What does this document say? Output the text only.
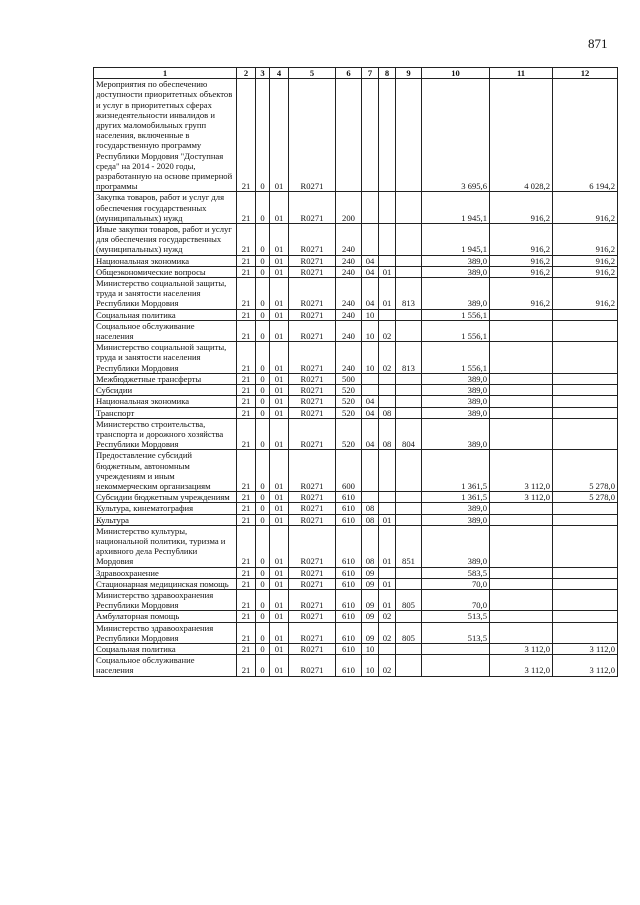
871
1	2	3	4	5	6	7	8	9	10	11	12
Мероприятия по обеспечению доступности приоритетных объектов и услуг в приоритетных сферах жизнедеятельности инвалидов и других маломобильных групп населения, включенные в государственную программу Республики Мордовия "Доступная среда" на 2014 - 2020 годы, разработанную на основе примерной программы	21	0	01	R0271					3 695,6	4 028,2	6 194,2
Закупка товаров, работ и услуг для обеспечения государственных (муниципальных) нужд	21	0	01	R0271	200				1 945,1	916,2	916,2
Иные закупки товаров, работ и услуг для обеспечения государственных (муниципальных) нужд	21	0	01	R0271	240				1 945,1	916,2	916,2
Национальная экономика	21	0	01	R0271	240	04			389,0	916,2	916,2
Общеэкономические вопросы	21	0	01	R0271	240	04	01		389,0	916,2	916,2
Министерство социальной защиты, труда и занятости населения Республики Мордовия	21	0	01	R0271	240	04	01	813	389,0	916,2	916,2
Социальная политика	21	0	01	R0271	240	10			1 556,1		
Социальное обслуживание населения	21	0	01	R0271	240	10	02		1 556,1		
Министерство социальной защиты, труда и занятости населения Республики Мордовия	21	0	01	R0271	240	10	02	813	1 556,1		
Межбюджетные трансферты	21	0	01	R0271	500				389,0		
Субсидии	21	0	01	R0271	520				389,0		
Национальная экономика	21	0	01	R0271	520	04			389,0		
Транспорт	21	0	01	R0271	520	04	08		389,0		
Министерство строительства, транспорта и дорожного хозяйства Республики Мордовия	21	0	01	R0271	520	04	08	804	389,0		
Предоставление субсидий бюджетным, автономным учреждениям и иным некоммерческим организациям	21	0	01	R0271	600				1 361,5	3 112,0	5 278,0
Субсидии бюджетным учреждениям	21	0	01	R0271	610				1 361,5	3 112,0	5 278,0
Культура, кинематография	21	0	01	R0271	610	08			389,0		
Культура	21	0	01	R0271	610	08	01		389,0		
Министерство культуры, национальной политики, туризма и архивного дела Республики Мордовия	21	0	01	R0271	610	08	01	851	389,0		
Здравоохранение	21	0	01	R0271	610	09			583,5		
Стационарная медицинская помощь	21	0	01	R0271	610	09	01		70,0		
Министерство здравоохранения Республики Мордовия	21	0	01	R0271	610	09	01	805	70,0		
Амбулаторная помощь	21	0	01	R0271	610	09	02		513,5		
Министерство здравоохранения Республики Мордовия	21	0	01	R0271	610	09	02	805	513,5		
Социальная политика	21	0	01	R0271	610	10				3 112,0	3 112,0
Социальное обслуживание населения	21	0	01	R0271	610	10	02			3 112,0	3 112,0
